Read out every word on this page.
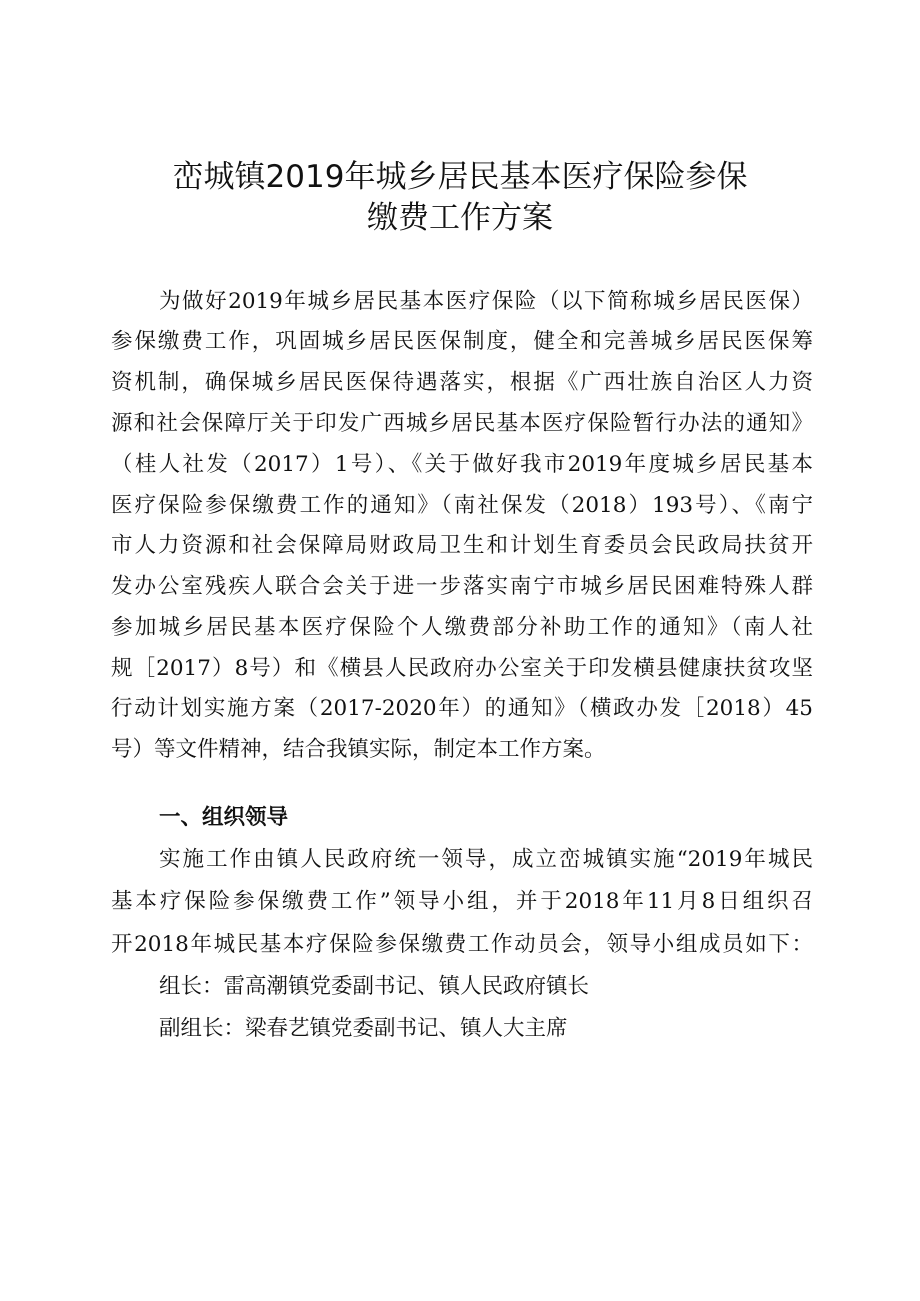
峦城镇2019年城乡居民基本医疗保险参保
缴费工作方案
为做好2019年城乡居民基本医疗保险（以下简称城乡居民医保）
参保缴费工作，巩固城乡居民医保制度，健全和完善城乡居民医保筹
资机制，确保城乡居民医保待遇落实，根据《广西壮族自治区人力资
源和社会保障厅关于印发广西城乡居民基本医疗保险暂行办法的通知》
（桂人社发（2017）1号）、《关于做好我市2019年度城乡居民基本
医疗保险参保缴费工作的通知》（南社保发（2018）193号）、《南宁
市人力资源和社会保障局财政局卫生和计划生育委员会民政局扶贫开
发办公室残疾人联合会关于进一步落实南宁市城乡居民困难特殊人群
参加城乡居民基本医疗保险个人缴费部分补助工作的通知》（南人社
规［2017）8号）和《横县人民政府办公室关于印发横县健康扶贫攻坚
行动计划实施方案（2017-2020年）的通知》（横政办发［2018）45
号）等文件精神，结合我镇实际，制定本工作方案。
一、组织领导
实施工作由镇人民政府统一领导，成立峦城镇实施“2019年城民
基本疗保险参保缴费工作”领导小组，并于2018年11月8日组织召
开2018年城民基本疗保险参保缴费工作动员会，领导小组成员如下：
组长：雷高潮镇党委副书记、镇人民政府镇长
副组长：梁春艺镇党委副书记、镇人大主席
